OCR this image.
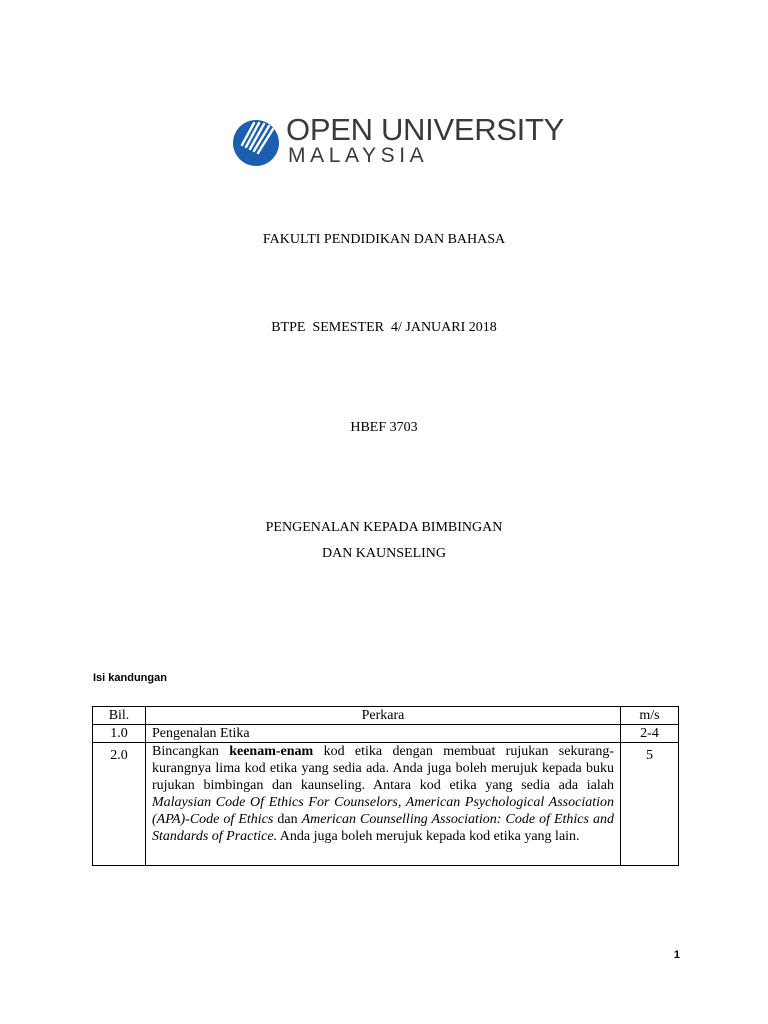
OPEN UNIVERSITY
MALAYSIA
FAKULTI PENDIDIKAN DAN BAHASA
BTPE  SEMESTER  4/ JANUARI 2018
HBEF 3703
PENGENALAN KEPADA BIMBINGAN
DAN KAUNSELING
Isi kandungan
Bil.	Perkara	m/s
1.0	Pengenalan Etika	2-4
2.0	Bincangkan keenam-enam kod etika dengan membuat rujukan sekurang-kurangnya lima kod etika yang sedia ada. Anda juga boleh merujuk kepada buku rujukan bimbingan dan kaunseling. Antara kod etika yang sedia ada ialah Malaysian Code Of Ethics For Counselors, American Psychological Association (APA)-Code of Ethics dan American Counselling Association: Code of Ethics and Standards of Practice. Anda juga boleh merujuk kepada kod etika yang lain.	5
1
